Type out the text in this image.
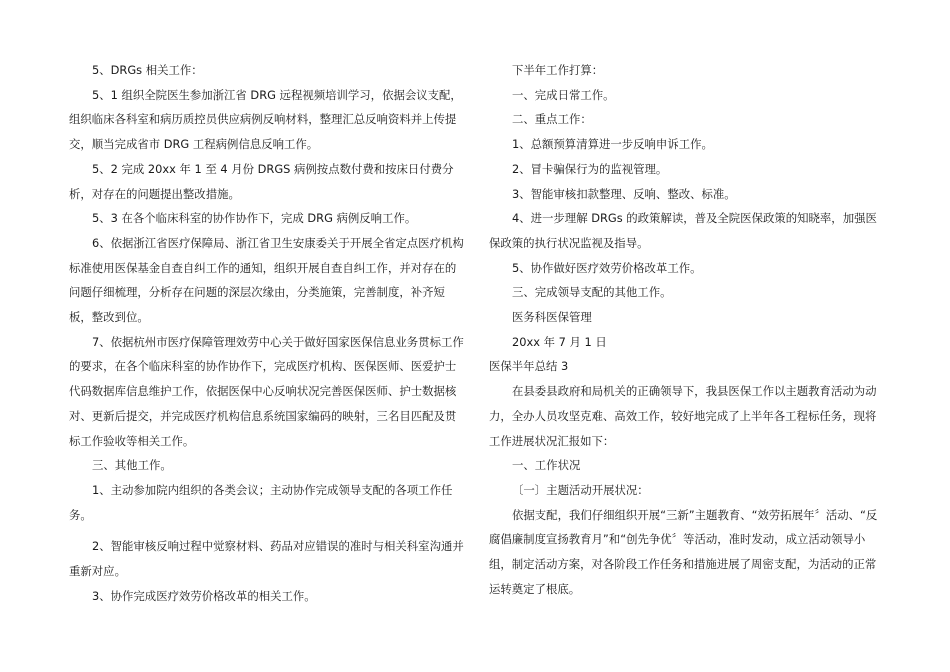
5、DRGs 相关工作：

5、1 组织全院医生参加浙江省 DRG 远程视频培训学习，依据会议支配，组织临床各科室和病历质控员供应病例反响材料，整理汇总反响资料并上传提交，顺当完成省市 DRG 工程病例信息反响工作。

5、2 完成 20xx 年 1 至 4 月份 DRGS 病例按点数付费和按床日付费分析，对存在的问题提出整改措施。

5、3 在各个临床科室的协作协作下，完成 DRG 病例反响工作。

6、依据浙江省医疗保障局、浙江省卫生安康委关于开展全省定点医疗机构标准使用医保基金自查自纠工作的通知，组织开展自查自纠工作，并对存在的问题仔细梳理，分析存在问题的深层次缘由，分类施策，完善制度，补齐短板，整改到位。

7、依据杭州市医疗保障管理效劳中心关于做好国家医保信息业务贯标工作的要求，在各个临床科室的协作协作下，完成医疗机构、医保医师、医爱护士代码数据库信息维护工作，依据医保中心反响状况完善医保医师、护士数据核对、更新后提交，并完成医疗机构信息系统国家编码的映射，三名目匹配及贯标工作验收等相关工作。

三、其他工作。

1、主动参加院内组织的各类会议；主动协作完成领导支配的各项工作任务。

2、智能审核反响过程中觉察材料、药品对应错误的准时与相关科室沟通并重新对应。

3、协作完成医疗效劳价格改革的相关工作。

下半年工作打算：

一、完成日常工作。

二、重点工作：

1、总额预算清算进一步反响申诉工作。

2、冒卡骗保行为的监视管理。

3、智能审核扣款整理、反响、整改、标准。

4、进一步理解 DRGs 的政策解读，普及全院医保政策的知晓率，加强医保政策的执行状况监视及指导。

5、协作做好医疗效劳价格改革工作。

三、完成领导支配的其他工作。

医务科医保管理

20xx 年 7 月 1 日

医保半年总结 3

在县委县政府和局机关的正确领导下，我县医保工作以主题教育活动为动力，全办人员攻坚克难、高效工作，较好地完成了上半年各工程标任务，现将工作进展状况汇报如下：

一、工作状况

〔一〕主题活动开展状况：

依据支配，我们仔细组织开展“三新”主题教育、“效劳拓展年〞活动、“反腐倡廉制度宣扬教育月”和“创先争优〞等活动，准时发动，成立活动领导小组，制定活动方案，对各阶段工作任务和措施进展了周密支配，为活动的正常运转奠定了根底。
